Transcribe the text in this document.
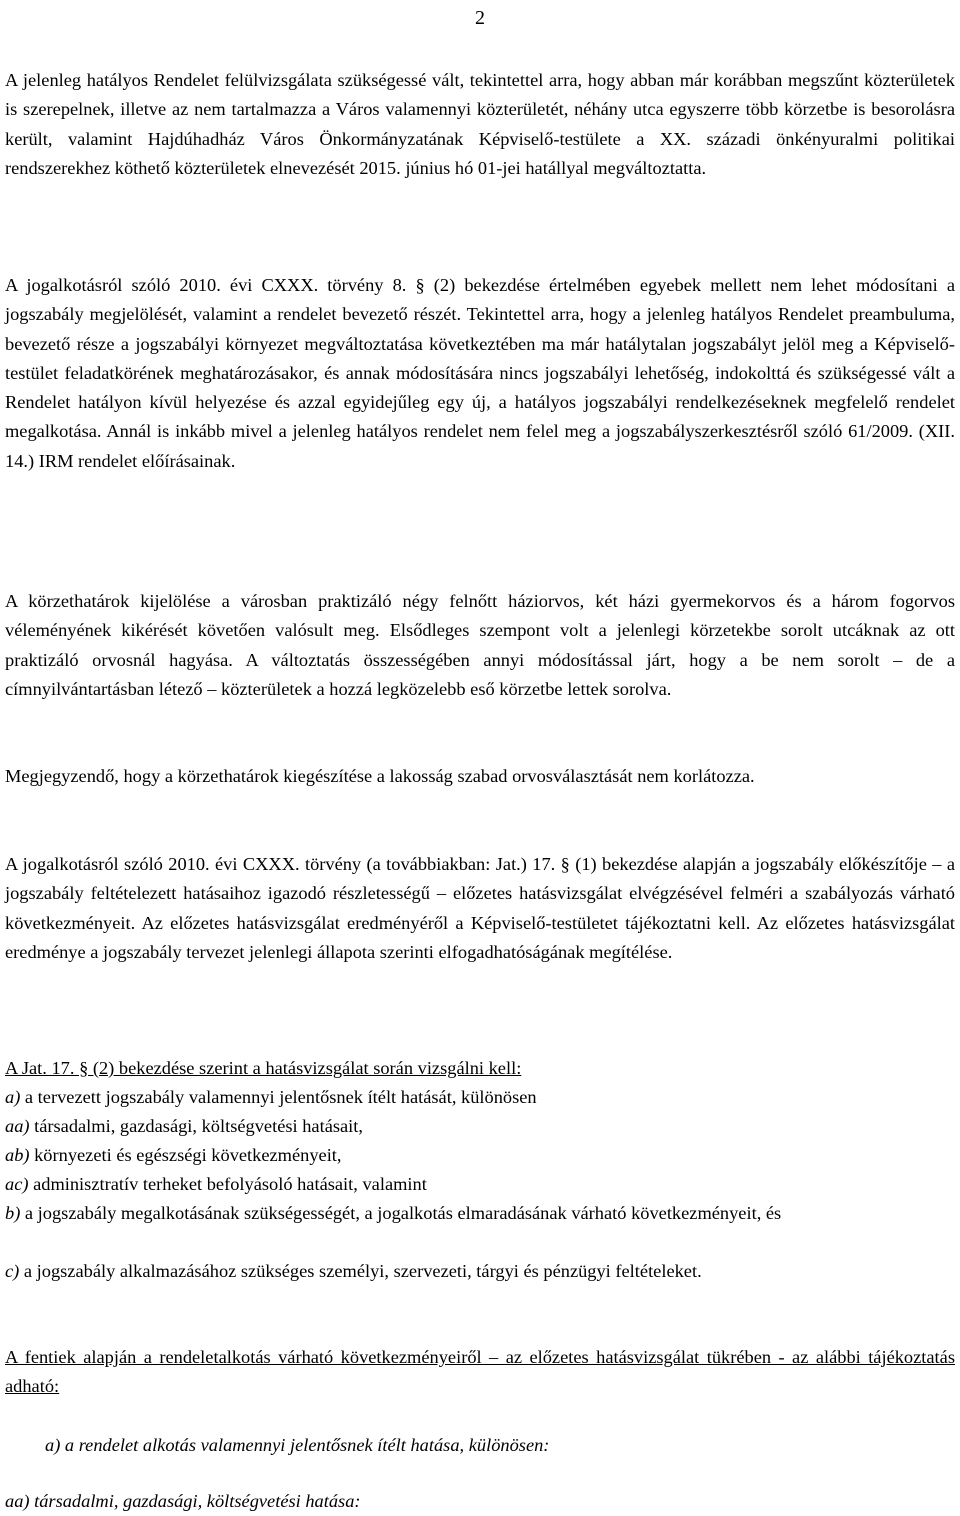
2

A jelenleg hatályos Rendelet felülvizsgálata szükségessé vált, tekintettel arra, hogy abban már korábban megszűnt közterületek is szerepelnek, illetve az nem tartalmazza a Város valamennyi közterületét, néhány utca egyszerre több körzetbe is besorolásra került, valamint Hajdúhadház Város Önkormányzatának Képviselő-testülete a XX. századi önkényuralmi politikai rendszerekhez köthető közterületek elnevezését 2015. június hó 01-jei hatállyal megváltoztatta.

A jogalkotásról szóló 2010. évi CXXX. törvény 8. § (2) bekezdése értelmében egyebek mellett nem lehet módosítani a jogszabály megjelölését, valamint a rendelet bevezető részét. Tekintettel arra, hogy a jelenleg hatályos Rendelet preambuluma, bevezető része a jogszabályi környezet megváltoztatása következtében ma már hatálytalan jogszabályt jelöl meg a Képviselő-testület feladatkörének meghatározásakor, és annak módosítására nincs jogszabályi lehetőség, indokolttá és szükségessé vált a Rendelet hatályon kívül helyezése és azzal egyidejűleg egy új, a hatályos jogszabályi rendelkezéseknek megfelelő rendelet megalkotása. Annál is inkább mivel a jelenleg hatályos rendelet nem felel meg a jogszabályszerkesztésről szóló 61/2009. (XII. 14.) IRM rendelet előírásainak.

A körzethatárok kijelölése a városban praktizáló négy felnőtt háziorvos, két házi gyermekorvos és a három fogorvos véleményének kikérését követően valósult meg. Elsődleges szempont volt a jelenlegi körzetekbe sorolt utcáknak az ott praktizáló orvosnál hagyása. A változtatás összességében annyi módosítással járt, hogy a be nem sorolt – de a címnyilvántartásban létező – közterületek a hozzá legközelebb eső körzetbe lettek sorolva.

Megjegyzendő, hogy a körzethatárok kiegészítése a lakosság szabad orvosválasztását nem korlátozza.

A jogalkotásról szóló 2010. évi CXXX. törvény (a továbbiakban: Jat.) 17. § (1) bekezdése alapján a jogszabály előkészítője – a jogszabály feltételezett hatásaihoz igazodó részletességű – előzetes hatásvizsgálat elvégzésével felméri a szabályozás várható következményeit. Az előzetes hatásvizsgálat eredményéről a Képviselő-testületet tájékoztatni kell. Az előzetes hatásvizsgálat eredménye a jogszabály tervezet jelenlegi állapota szerinti elfogadhatóságának megítélése.

A Jat. 17. § (2) bekezdése szerint a hatásvizsgálat során vizsgálni kell:
a) a tervezett jogszabály valamennyi jelentősnek ítélt hatását, különösen
aa) társadalmi, gazdasági, költségvetési hatásait,
ab) környezeti és egészségi következményeit,
ac) adminisztratív terheket befolyásoló hatásait, valamint
b) a jogszabály megalkotásának szükségességét, a jogalkotás elmaradásának várható következményeit, és
c) a jogszabály alkalmazásához szükséges személyi, szervezeti, tárgyi és pénzügyi feltételeket.
A fentiek alapján a rendeletalkotás várható következményeiről – az előzetes hatásvizsgálat tükrében - az alábbi tájékoztatás adható:
a) a rendelet alkotás valamennyi jelentősnek ítélt hatása, különösen:
aa) társadalmi, gazdasági, költségvetési hatása:
